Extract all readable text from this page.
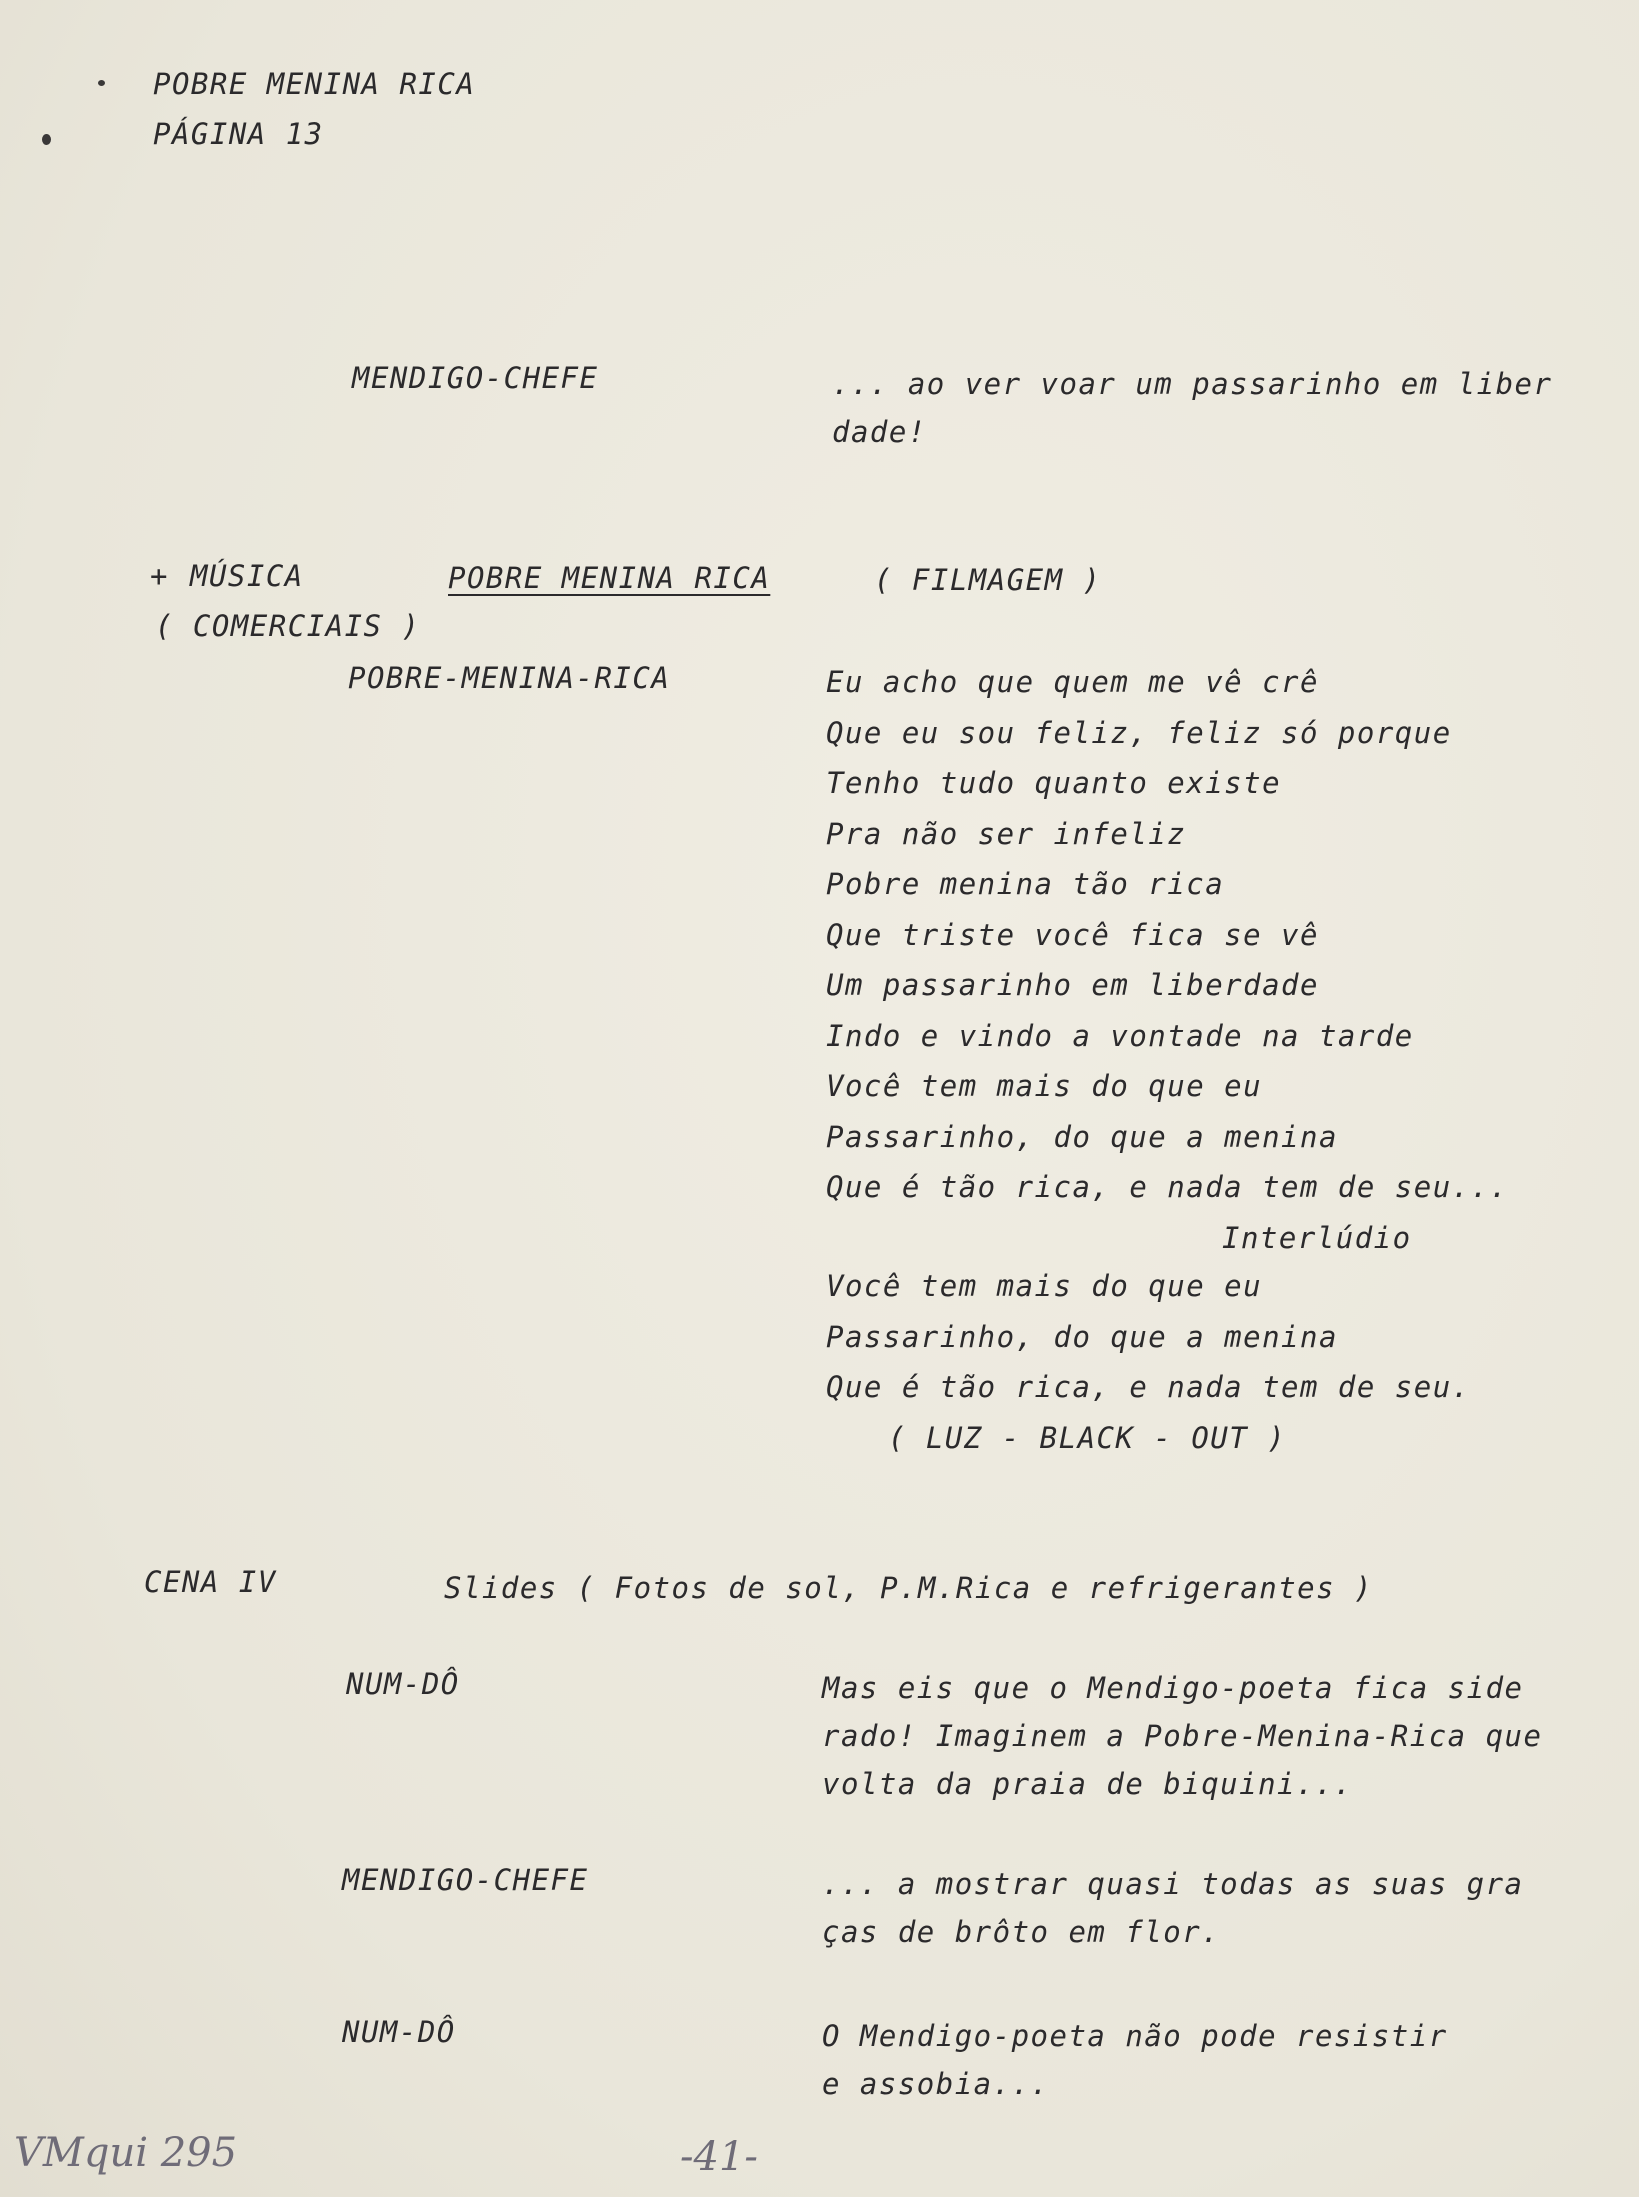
POBRE MENINA RICA
PÁGINA 13
MENDIGO-CHEFE	... ao ver voar um passarinho em liber
dade!
+ MÚSICA	POBRE MENINA RICA	( FILMAGEM )
( COMERCIAIS )
POBRE-MENINA-RICA	Eu acho que quem me vê crê
Que eu sou feliz, feliz só porque
Tenho tudo quanto existe
Pra não ser infeliz
Pobre menina tão rica
Que triste você fica se vê
Um passarinho em liberdade
Indo e vindo a vontade na tarde
Você tem mais do que eu
Passarinho, do que a menina
Que é tão rica, e nada tem de seu...
Interlúdio
Você tem mais do que eu
Passarinho, do que a menina
Que é tão rica, e nada tem de seu.
( LUZ - BLACK - OUT )
CENA IV	Slides ( Fotos de sol, P.M.Rica e refrigerantes )
NUM-DÔ	Mas eis que o Mendigo-poeta fica side
rado! Imaginem a Pobre-Menina-Rica que
volta da praia de biquini...
MENDIGO-CHEFE	... a mostrar quasi todas as suas gra
ças de brôto em flor.
NUM-DÔ	O Mendigo-poeta não pode resistir
e assobia...
VMqui 295	-41-
